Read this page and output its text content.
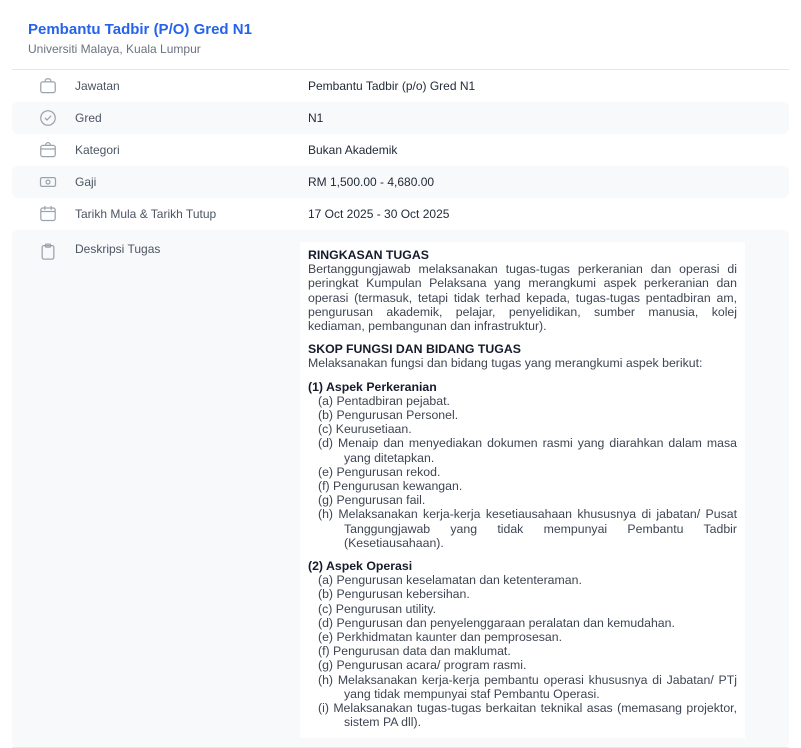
Pembantu Tadbir (P/O) Gred N1
Universiti Malaya, Kuala Lumpur
Jawatan	Pembantu Tadbir (p/o) Gred N1
Gred	N1
Kategori	Bukan Akademik
Gaji	RM 1,500.00 - 4,680.00
Tarikh Mula & Tarikh Tutup	17 Oct 2025 - 30 Oct 2025
Deskripsi Tugas	RINGKASAN TUGAS
Bertanggungjawab melaksanakan tugas-tugas perkeranian dan operasi di peringkat Kumpulan Pelaksana yang merangkumi aspek perkeranian dan operasi (termasuk, tetapi tidak terhad kepada, tugas-tugas pentadbiran am, pengurusan akademik, pelajar, penyelidikan, sumber manusia, kolej kediaman, pembangunan dan infrastruktur).
SKOP FUNGSI DAN BIDANG TUGAS
Melaksanakan fungsi dan bidang tugas yang merangkumi aspek berikut:
(1) Aspek Perkeranian
(a) Pentadbiran pejabat.
(b) Pengurusan Personel.
(c) Keurusetiaan.
(d) Menaip dan menyediakan dokumen rasmi yang diarahkan dalam masa yang ditetapkan.
(e) Pengurusan rekod.
(f) Pengurusan kewangan.
(g) Pengurusan fail.
(h) Melaksanakan kerja-kerja kesetiausahaan khususnya di jabatan/ Pusat Tanggungjawab yang tidak mempunyai Pembantu Tadbir (Kesetiausahaan).
(2) Aspek Operasi
(a) Pengurusan keselamatan dan ketenteraman.
(b) Pengurusan kebersihan.
(c) Pengurusan utility.
(d) Pengurusan dan penyelenggaraan peralatan dan kemudahan.
(e) Perkhidmatan kaunter dan pemprosesan.
(f) Pengurusan data dan maklumat.
(g) Pengurusan acara/ program rasmi.
(h) Melaksanakan kerja-kerja pembantu operasi khususnya di Jabatan/ PTj yang tidak mempunyai staf Pembantu Operasi.
(i) Melaksanakan tugas-tugas berkaitan teknikal asas (memasang projektor, sistem PA dll).
